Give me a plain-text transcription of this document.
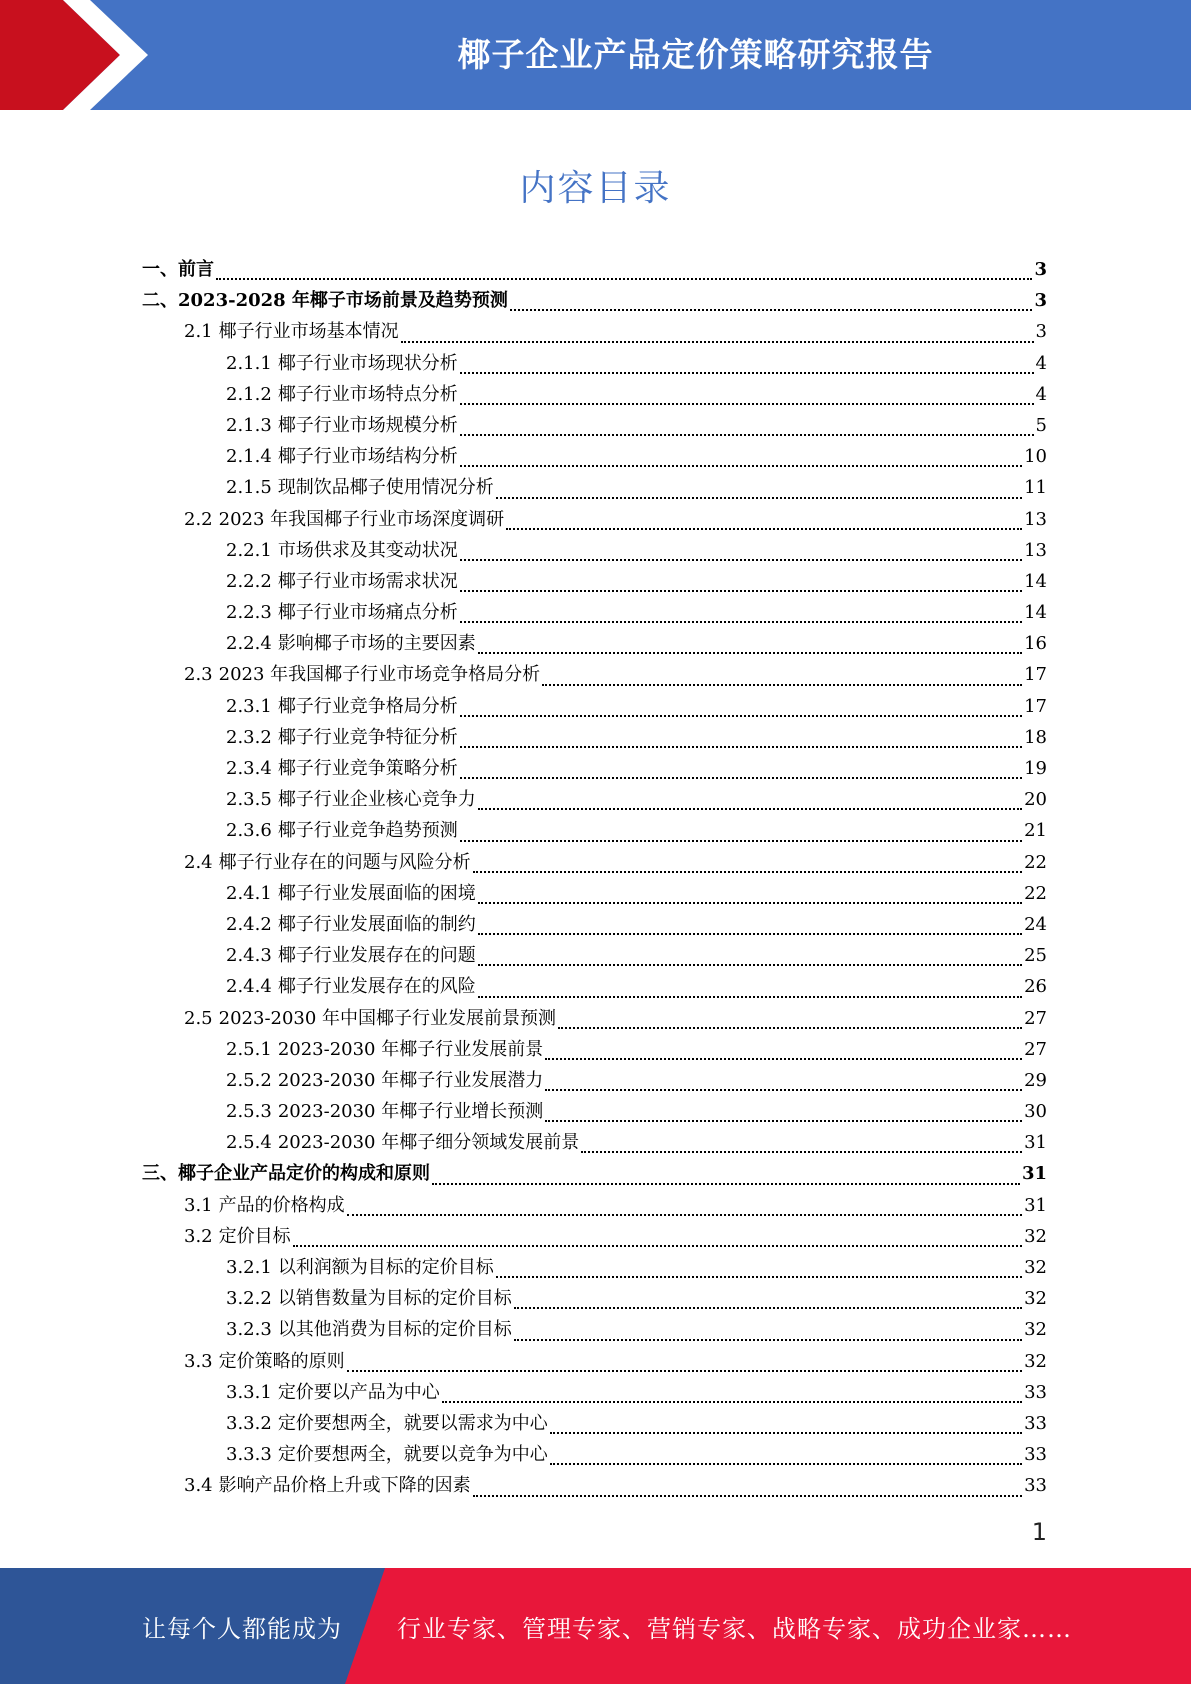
椰子企业产品定价策略研究报告
内容目录
一、前言	3
二、2023-2028 年椰子市场前景及趋势预测	3
2.1 椰子行业市场基本情况	3
2.1.1 椰子行业市场现状分析	4
2.1.2 椰子行业市场特点分析	4
2.1.3 椰子行业市场规模分析	5
2.1.4 椰子行业市场结构分析	10
2.1.5 现制饮品椰子使用情况分析	11
2.2 2023 年我国椰子行业市场深度调研	13
2.2.1 市场供求及其变动状况	13
2.2.2 椰子行业市场需求状况	14
2.2.3 椰子行业市场痛点分析	14
2.2.4 影响椰子市场的主要因素	16
2.3 2023 年我国椰子行业市场竞争格局分析	17
2.3.1 椰子行业竞争格局分析	17
2.3.2 椰子行业竞争特征分析	18
2.3.4 椰子行业竞争策略分析	19
2.3.5 椰子行业企业核心竞争力	20
2.3.6 椰子行业竞争趋势预测	21
2.4 椰子行业存在的问题与风险分析	22
2.4.1 椰子行业发展面临的困境	22
2.4.2 椰子行业发展面临的制约	24
2.4.3 椰子行业发展存在的问题	25
2.4.4 椰子行业发展存在的风险	26
2.5 2023-2030 年中国椰子行业发展前景预测	27
2.5.1 2023-2030 年椰子行业发展前景	27
2.5.2 2023-2030 年椰子行业发展潜力	29
2.5.3 2023-2030 年椰子行业增长预测	30
2.5.4 2023-2030 年椰子细分领域发展前景	31
三、椰子企业产品定价的构成和原则	31
3.1 产品的价格构成	31
3.2 定价目标	32
3.2.1 以利润额为目标的定价目标	32
3.2.2 以销售数量为目标的定价目标	32
3.2.3 以其他消费为目标的定价目标	32
3.3 定价策略的原则	32
3.3.1 定价要以产品为中心	33
3.3.2 定价要想两全，就要以需求为中心	33
3.3.3 定价要想两全，就要以竞争为中心	33
3.4 影响产品价格上升或下降的因素	33
1
让每个人都能成为 行业专家、管理专家、营销专家、战略专家、成功企业家……
